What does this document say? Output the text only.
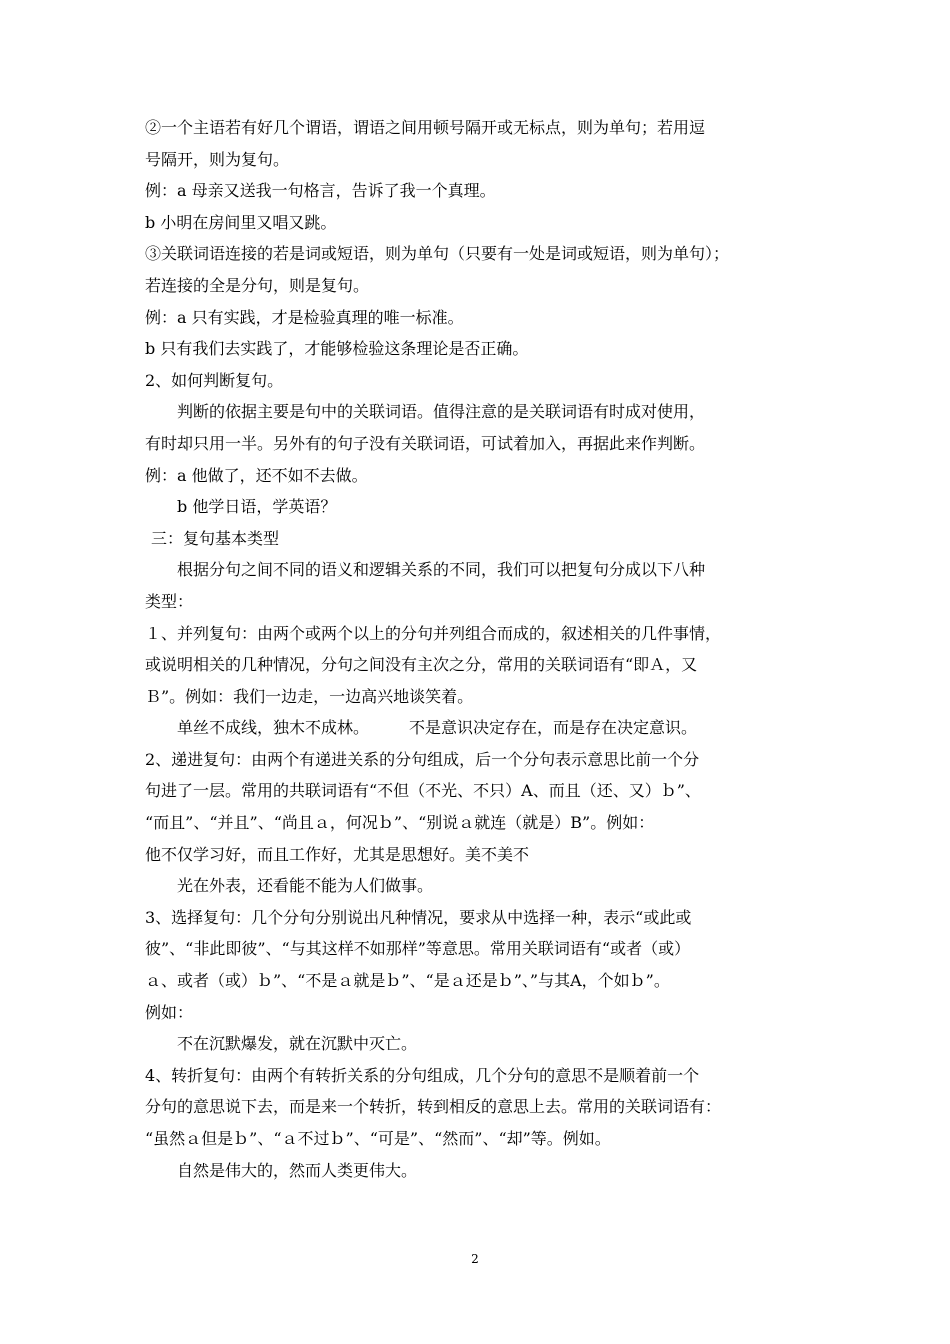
②一个主语若有好几个谓语，谓语之间用顿号隔开或无标点，则为单句；若用逗
号隔开，则为复句。
例：a 母亲又送我一句格言，告诉了我一个真理。
b 小明在房间里又唱又跳。
③关联词语连接的若是词或短语，则为单句（只要有一处是词或短语，则为单句）；
若连接的全是分句，则是复句。
例：a 只有实践，才是检验真理的唯一标准。
b 只有我们去实践了，才能够检验这条理论是否正确。
2、如何判断复句。
判断的依据主要是句中的关联词语。值得注意的是关联词语有时成对使用，
有时却只用一半。另外有的句子没有关联词语，可试着加入，再据此来作判断。
例：a 他做了，还不如不去做。
b 他学日语，学英语？
三：复句基本类型
根据分句之间不同的语义和逻辑关系的不同，我们可以把复句分成以下八种
类型：
１、并列复句：由两个或两个以上的分句并列组合而成的，叙述相关的几件事情，
或说明相关的几种情况，分句之间没有主次之分，常用的关联词语有“即Ａ，又
Ｂ”。例如：我们一边走，一边高兴地谈笑着。
单丝不成线，独木不成林。　　　不是意识决定存在，而是存在决定意识。
2、递进复句：由两个有递进关系的分句组成，后一个分句表示意思比前一个分
句进了一层。常用的共联词语有“不但（不光、不只）A、而且（还、又）ｂ”、
“而且”、“并且”、“尚且ａ，何况ｂ”、“别说ａ就连（就是）B”。例如：
他不仅学习好，而且工作好，尤其是思想好。美不美不
光在外表，还看能不能为人们做事。
3、选择复句：几个分句分别说出凡种情况，要求从中选择一种，表示“或此或
彼”、“非此即彼”、“与其这样不如那样”等意思。常用关联词语有“或者（或）
ａ、或者（或）ｂ”、“不是ａ就是ｂ”、“是ａ还是ｂ”、”与其A，个如ｂ”。
例如：
不在沉默爆发，就在沉默中灭亡。
4、转折复句：由两个有转折关系的分句组成，几个分句的意思不是顺着前一个
分句的意思说下去，而是来一个转折，转到相反的意思上去。常用的关联词语有：
“虽然ａ但是ｂ”、“ａ不过ｂ”、“可是”、“然而”、“却”等。例如。
自然是伟大的，然而人类更伟大。
2
